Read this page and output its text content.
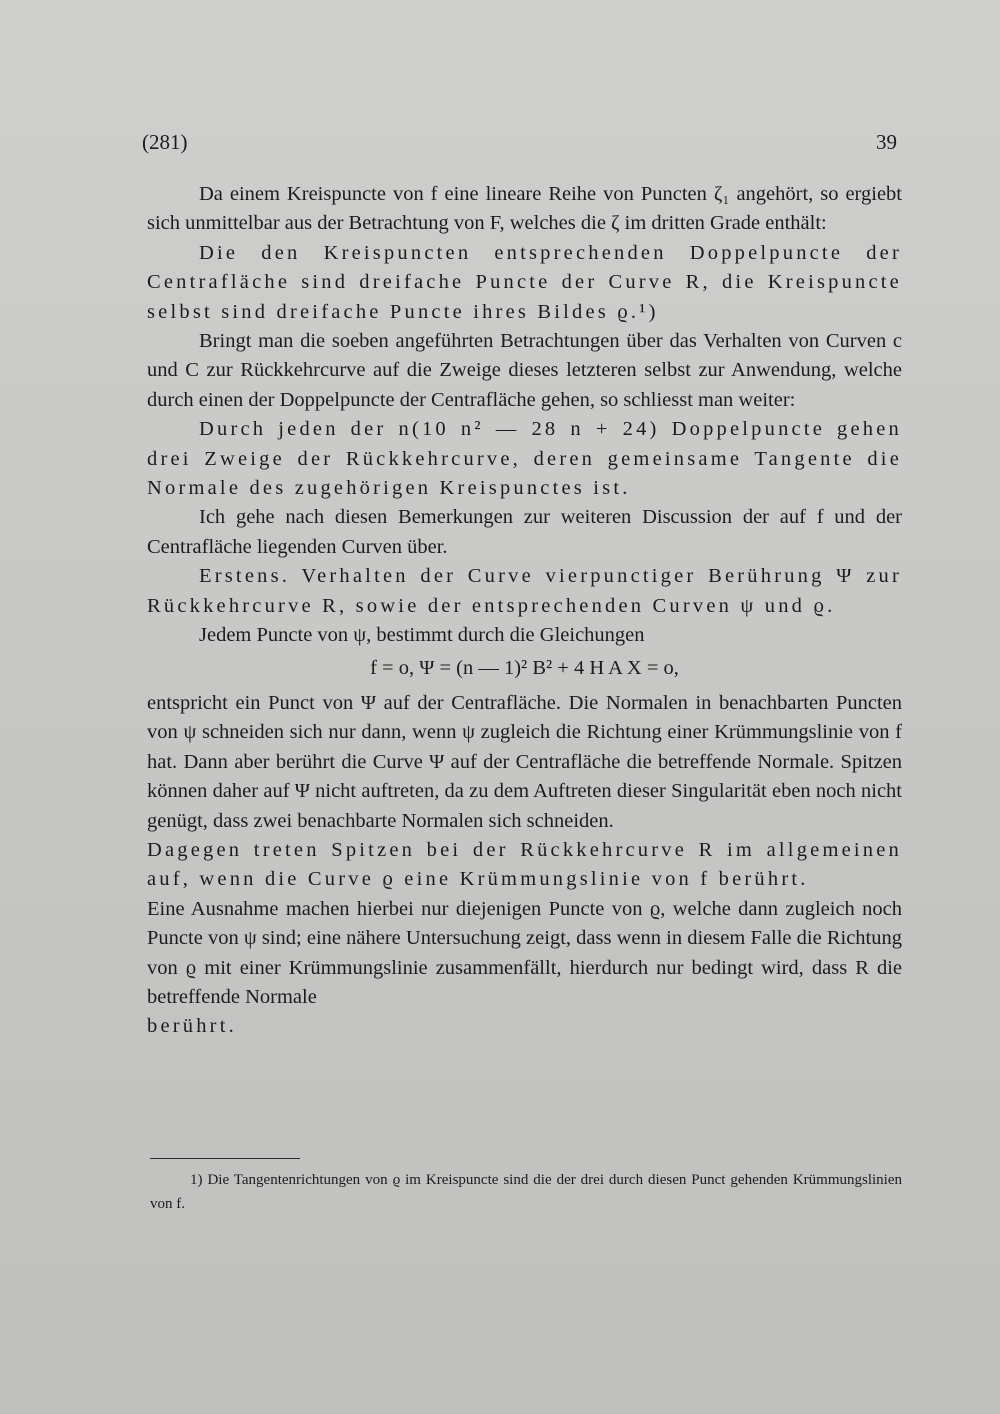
(281)	39

Da einem Kreispuncte von f eine lineare Reihe von Puncten ζ₁ angehört, so ergiebt sich unmittelbar aus der Betrachtung von F, welches die ζ im dritten Grade enthält:

Die den Kreispuncten entsprechenden Doppelpuncte der Centrafläche sind dreifache Puncte der Curve R, die Kreispuncte selbst sind dreifache Puncte ihres Bildes ϱ.¹)

Bringt man die soeben angeführten Betrachtungen über das Verhalten von Curven c und C zur Rückkehrcurve auf die Zweige dieses letzteren selbst zur Anwendung, welche durch einen der Doppelpuncte der Centrafläche gehen, so schliesst man weiter:

Durch jeden der n(10 n² — 28 n + 24) Doppelpuncte gehen drei Zweige der Rückkehrcurve, deren gemeinsame Tangente die Normale des zugehörigen Kreispunctes ist.

Ich gehe nach diesen Bemerkungen zur weiteren Discussion der auf f und der Centrafläche liegenden Curven über.

Erstens. Verhalten der Curve vierpunctiger Berührung Ψ zur Rückkehrcurve R, sowie der entsprechenden Curven ψ und ϱ.

Jedem Puncte von ψ, bestimmt durch die Gleichungen

f = o, Ψ = (n — 1)² B² + 4 H A X = o,

entspricht ein Punct von Ψ auf der Centrafläche. Die Normalen in benachbarten Puncten von ψ schneiden sich nur dann, wenn ψ zugleich die Richtung einer Krümmungslinie von f hat. Dann aber berührt die Curve Ψ auf der Centrafläche die betreffende Normale. Spitzen können daher auf Ψ nicht auftreten, da zu dem Auftreten dieser Singularität eben noch nicht genügt, dass zwei benachbarte Normalen sich schneiden.

Dagegen treten Spitzen bei der Rückkehrcurve R im allgemeinen auf, wenn die Curve ϱ eine Krümmungslinie von f berührt.

Eine Ausnahme machen hierbei nur diejenigen Puncte von ϱ, welche dann zugleich noch Puncte von ψ sind; eine nähere Untersuchung zeigt, dass wenn in diesem Falle die Richtung von ϱ mit einer Krümmungslinie zusammenfällt, hierdurch nur bedingt wird, dass R die betreffende Normale

berührt.

1) Die Tangentenrichtungen von ϱ im Kreispuncte sind die der drei durch diesen Punct gehenden Krümmungslinien von f.
